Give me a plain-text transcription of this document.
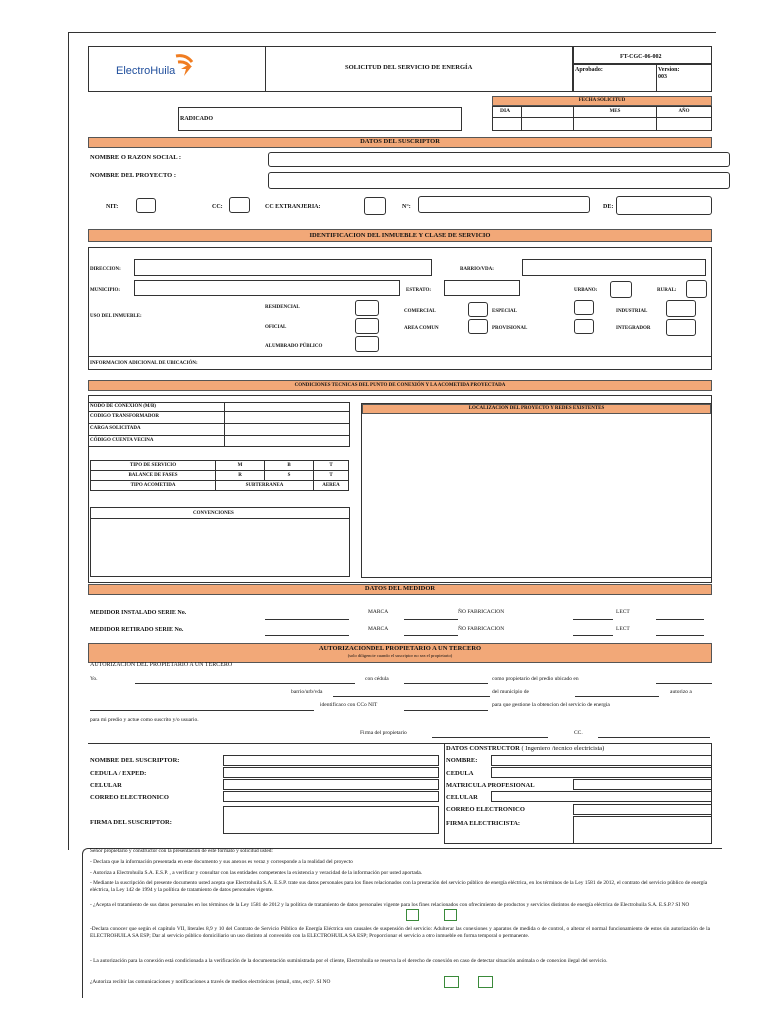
ElectroHuila	SOLICITUD DEL SERVICIO DE ENERGÍA
FT-CGC-06-002
Aprobado:	Version:
003
FECHA SOLICITUD
RADICADO
DIA	MES	AÑO
DATOS DEL SUSCRIPTOR
NOMBRE O RAZON SOCIAL :
NOMBRE DEL PROYECTO :
NIT:	CC:	CC EXTRANJERIA:	N°:	DE:
IDENTIFICACION DEL INMUEBLE Y CLASE DE SERVICIO
DIRECCION:	BARRIO/VDA:
MUNICIPIO:	ESTRATO:	URBANO:	RURAL:
USO DEL INMUEBLE:
RESIDENCIAL
OFICIAL
ALUMBRADO PÚBLICO
COMERCIAL
AREA COMUN
ESPECIAL
PROVISIONAL
INDUSTRIAL
INTEGRADOR
INFORMACION ADICIONAL DE UBICACIÓN:
CONDICIONES TECNICAS DEL PUNTO DE CONEXIÓN Y LA ACOMETIDA PROYECTADA
NODO DE CONEXIÓN (M/B)
CODIGO TRANSFORMADOR
CARGA SOLICITADA
CÓDIGO CUENTA VECINA
LOCALIZACION DEL PROYECTO Y REDES EXISTENTES
TIPO DE SERVICIO	M	B	T
BALANCE DE FASES	R	S	T
TIPO ACOMETIDA	SUBTERRANEA	AEREA
CONVENCIONES
DATOS DEL MEDIDOR
MEDIDOR INSTALADO SERIE No.	MARCA	ÑO FABRICACION	LECT
MEDIDOR RETIRADO SERIE No.	MARCA	ÑO FABRICACION	LECT
AUTORIZACIONDEL PROPIETARIO A UN TERCERO
(solo diligencie cuando el suscriptor no sea el propietario)
AUTORIZACION DEL PROPIETARIO A UN TERCERO
Yo.	con cédula	como propietario del predio ubicado en
barrio/urb/vda	del municipio de	autorizo a
identificaco con CCo NIT	para que gestione la obtencion del servicio de energia
para mi predio y actue como suscrito y/o usuario.
Firma del propietario	CC.
NOMBRE DEL SUSCRIPTOR:
CEDULA / EXPED:
CELULAR
CORREO ELECTRONICO
FIRMA DEL SUSCRIPTOR:
DATOS CONSTRUCTOR ( Ingeniero /tecnico electricista)
NOMBRE:
CEDULA
MATRICULA PROFESIONAL
CELULAR
CORREO ELECTRONICO
FIRMA ELECTRICISTA:
Señor propietario y constructor con la presentación de este formato y solicitud usted:
- Declara que la información presentada en este documento y sus anexos es veraz y corresponde a la realidad del proyecto
- Autoriza a Electrohuila S.A. E.S.P. , a verificar y consultar con las entidades competentes la existencia y veracidad de la información por usted aportada.
- Mediante la suscripción del presente documento usted acepta que Electrohuila S.A. E.S.P. trate sus datos personales para los fines relacionados con la prestación del servicio público de energía eléctrica, en los términos de la Ley 1581 de 2012, el contrato del servicio público de energía eléctrica, la Ley 142 de 1994 y la política de tratamiento de datos personales vigente.
- ¿Acepta el tratamiento de sus datos personales en los términos de la Ley 1581 de 2012 y la política de tratamiento de datos personales vigente para los fines relacionados con ofrecimiento de productos y servicios distintos de energía eléctrica de Electrohuila S.A. E.S.P.? SI NO
-Declara conocer que según el capítulo VII, literales 8,9 y 10 del Contrato de Servicio Público de Energía Eléctrica son causales de suspensión del servicio: Adulterar las conexiones y aparatos de medida o de control, o alterar el normal funcionamiento de estos sin autorización de la ELECTROHUILA SA ESP; Dar al servicio público domiciliario un uso distinto al convenido con la ELECTROHUILA SA ESP; Proporcionar el servicio a otro inmueble en forma temporal o permanente.
- La autorización para la conexión está condicionada a la verificación de la documentación suministrada por el cliente, Electrohuila se reserva la el derecho de conexión en caso de detectar situación anómala o de conexion ilegal del servicio.
¿Autoriza recibir las comunicaciones y notificaciones a través de medios electrónicos (email, sms, etc)?. SI NO
